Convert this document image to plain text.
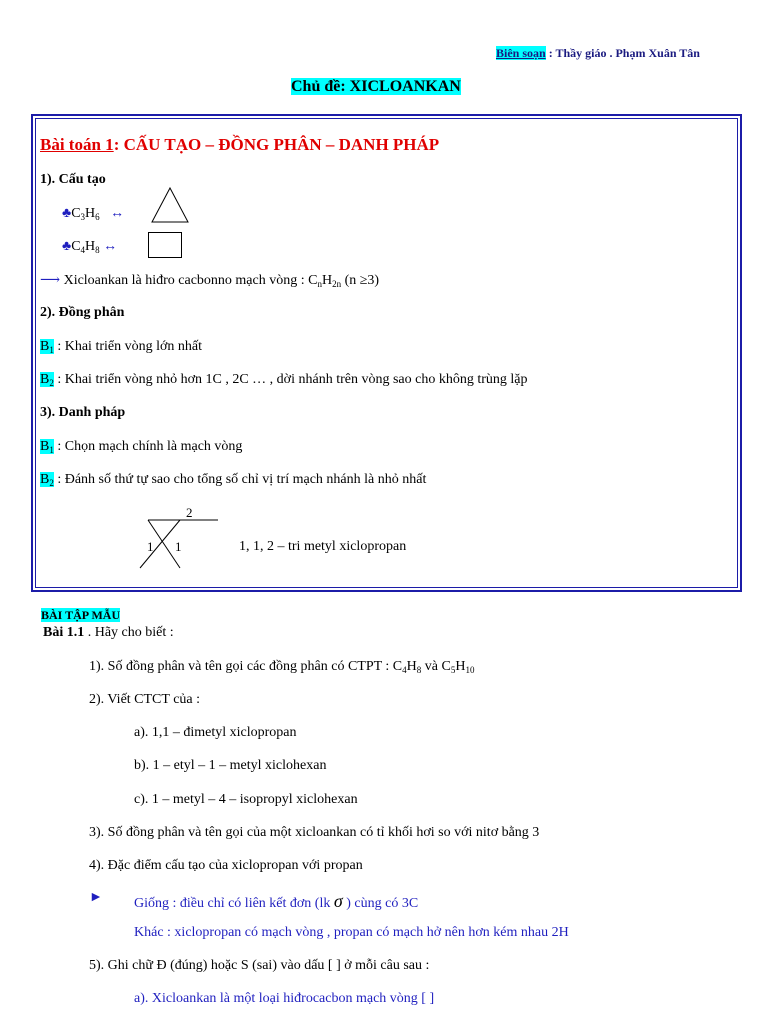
Biên soạn : Thầy giáo . Phạm Xuân Tân
Chủ đề: XICLOANKAN
Bài toán 1: CẤU TẠO – ĐỒNG PHÂN – DANH PHÁP
1). Cấu tạo
$♣C_3H_6$ ↔
$♣C_4H_8$ ↔
⟶ Xicloankan là hiđro cacbonno mạch vòng : $C_nH_{2n}$ (n ≥3)
2). Đồng phân
$B_1$ : Khai triển vòng lớn nhất
$B_2$ : Khai triển vòng nhỏ hơn 1C , 2C … , dời nhánh trên vòng sao cho không trùng lặp
3). Danh pháp
$B_1$ : Chọn mạch chính là mạch vòng
$B_2$ : Đánh số thứ tự sao cho tổng số chỉ vị trí mạch nhánh là nhỏ nhất
2
1 1	1, 1, 2 – tri metyl xiclopropan
BÀI TẬP MẪU
Bài 1.1 . Hãy cho biết :
1). Số đồng phân và tên gọi các đồng phân có CTPT : $C_4H_8$ và $C_5H_{10}$
2). Viết CTCT của :
a). 1,1 – đimetyl xiclopropan
b). 1 – etyl – 1 – metyl xiclohexan
c). 1 – metyl – 4 – isopropyl xiclohexan
3). Số đồng phân và tên gọi của một xicloankan có tỉ khối hơi so với nitơ bằng 3
4). Đặc điểm cấu tạo của xiclopropan với propan
► Giống : điều chỉ có liên kết đơn (lk σ ) cùng có 3C
Khác : xiclopropan có mạch vòng , propan có mạch hở nên hơn kém nhau 2H
5). Ghi chữ Đ (đúng) hoặc S (sai) vào dấu [ ] ở mỗi câu sau :
a). Xicloankan là một loại hiđrocacbon mạch vòng [ ]
